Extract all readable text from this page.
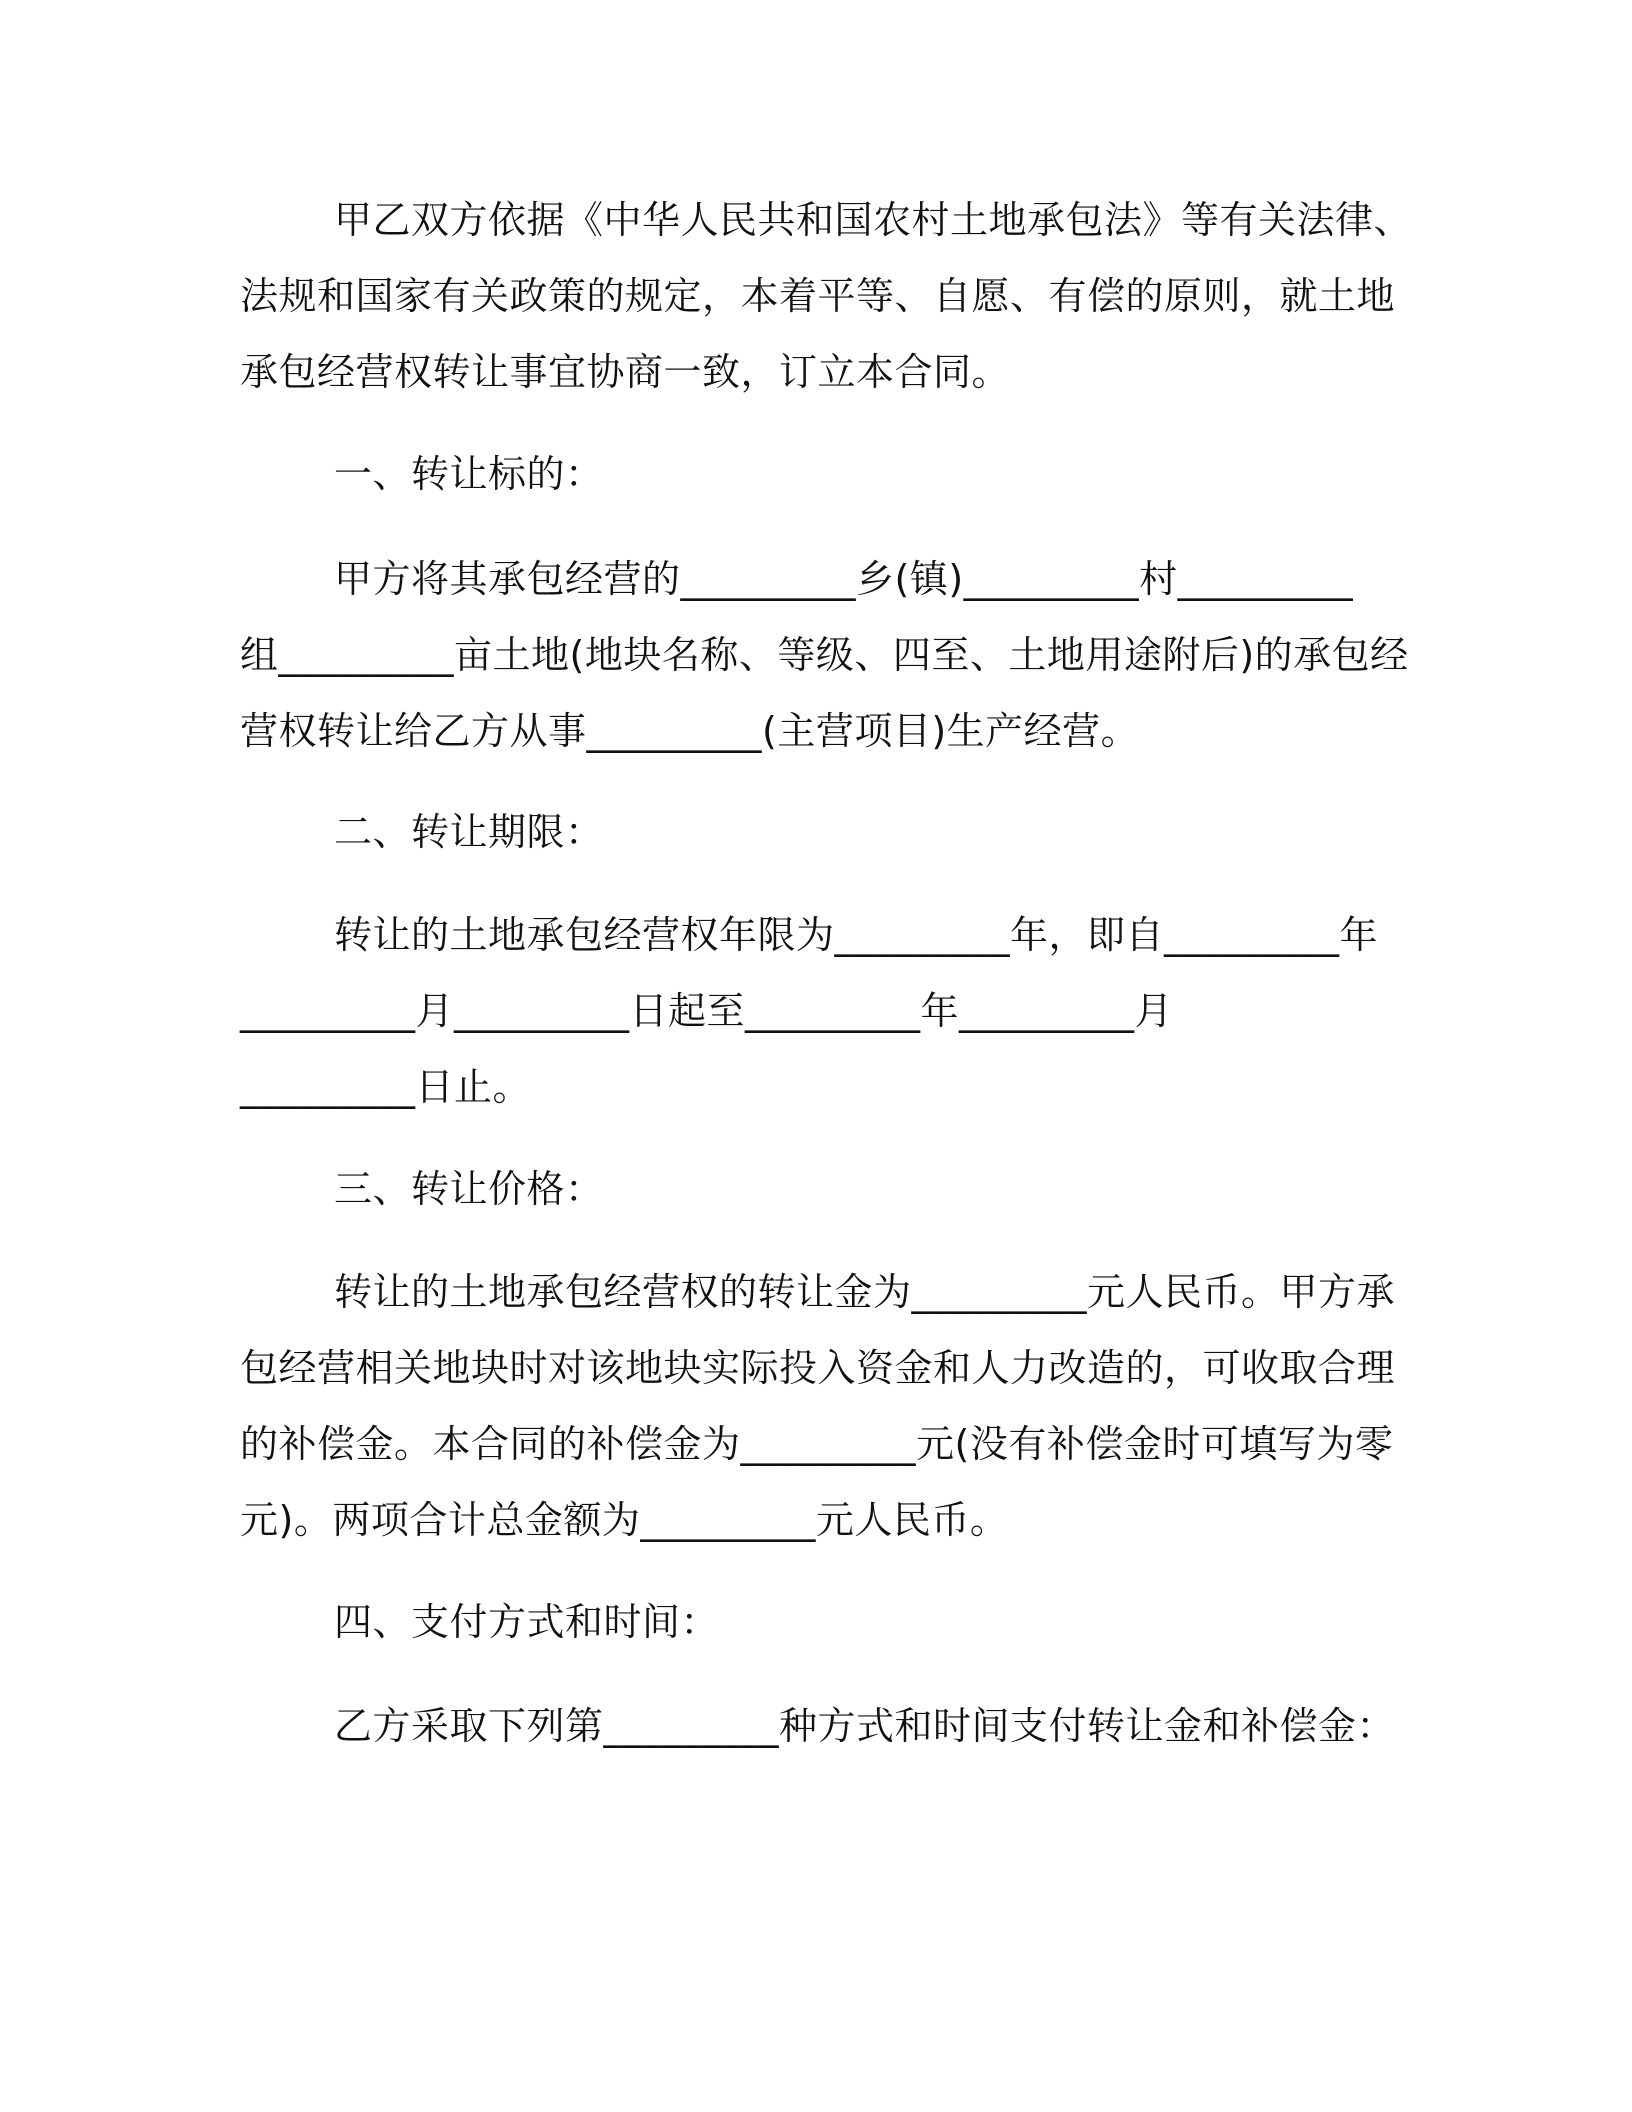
甲乙双方依据《中华人民共和国农村土地承包法》等有关法律、
法规和国家有关政策的规定，本着平等、自愿、有偿的原则，就土地
承包经营权转让事宜协商一致，订立本合同。
一、转让标的：
甲方将其承包经营的_________乡(镇)_________村_________
组_________亩土地(地块名称、等级、四至、土地用途附后)的承包经
营权转让给乙方从事_________(主营项目)生产经营。
二、转让期限：
转让的土地承包经营权年限为_________年，即自_________年
_________月_________日起至_________年_________月
_________日止。
三、转让价格：
转让的土地承包经营权的转让金为_________元人民币。甲方承
包经营相关地块时对该地块实际投入资金和人力改造的，可收取合理
的补偿金。本合同的补偿金为_________元(没有补偿金时可填写为零
元)。两项合计总金额为_________元人民币。
四、支付方式和时间：
乙方采取下列第_________种方式和时间支付转让金和补偿金：
